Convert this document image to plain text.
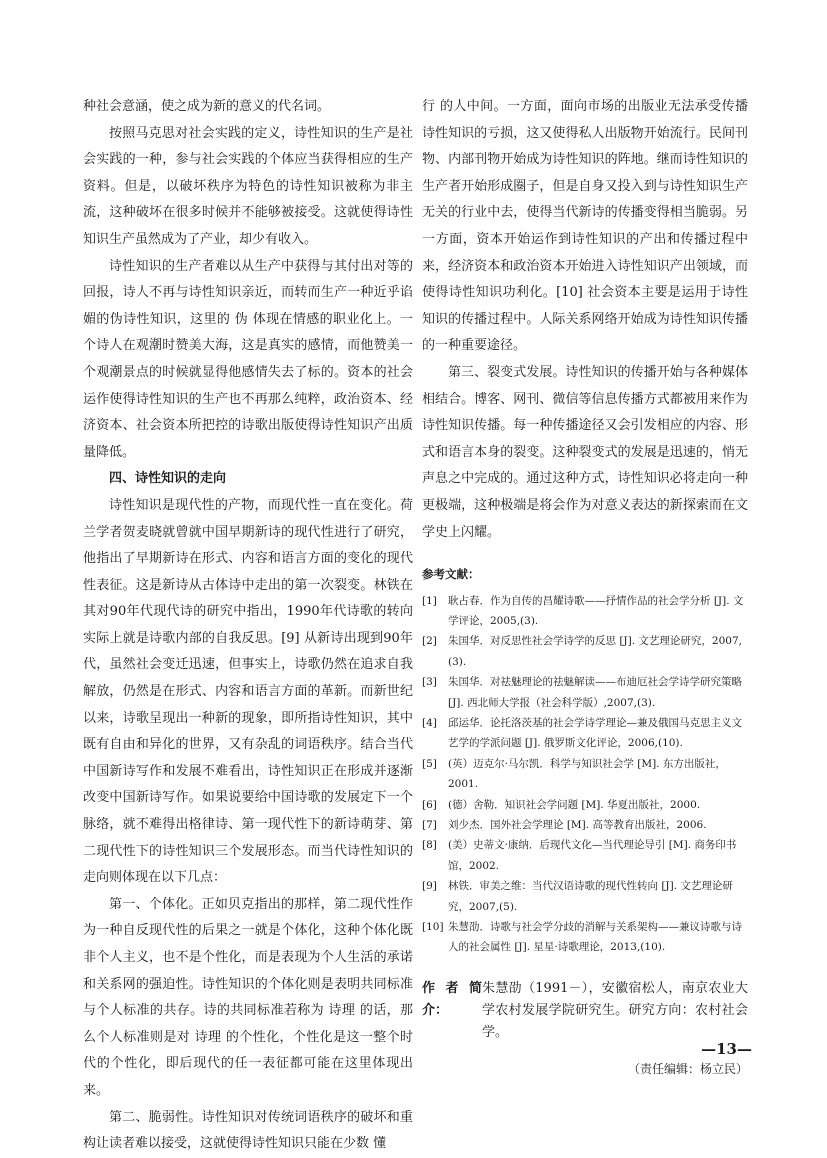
种社会意涵，使之成为新的意义的代名词。

按照马克思对社会实践的定义，诗性知识的生产是社会实践的一种，参与社会实践的个体应当获得相应的生产资料。但是，以破坏秩序为特色的诗性知识被称为非主流，这种破坏在很多时候并不能够被接受。这就使得诗性知识生产虽然成为了产业，却少有收入。

诗性知识的生产者难以从生产中获得与其付出对等的回报，诗人不再与诗性知识亲近，而转而生产一种近乎谄媚的伪诗性知识，这里的 伪 体现在情感的职业化上。一个诗人在观潮时赞美大海，这是真实的感情，而他赞美一个观潮景点的时候就显得他感情失去了标的。资本的社会运作使得诗性知识的生产也不再那么纯粹，政治资本、经济资本、社会资本所把控的诗歌出版使得诗性知识产出质量降低。

四、诗性知识的走向

诗性知识是现代性的产物，而现代性一直在变化。荷兰学者贺麦晓就曾就中国早期新诗的现代性进行了研究，他指出了早期新诗在形式、内容和语言方面的变化的现代性表征。这是新诗从古体诗中走出的第一次裂变。林铁在其对90年代现代诗的研究中指出，1990年代诗歌的转向实际上就是诗歌内部的自我反思。[9] 从新诗出现到90年代，虽然社会变迁迅速，但事实上，诗歌仍然在追求自我解放，仍然是在形式、内容和语言方面的革新。而新世纪以来，诗歌呈现出一种新的现象，即所指诗性知识，其中既有自由和异化的世界，又有杂乱的词语秩序。结合当代中国新诗写作和发展不难看出，诗性知识正在形成并逐渐改变中国新诗写作。如果说要给中国诗歌的发展定下一个脉络，就不难得出格律诗、第一现代性下的新诗萌芽、第二现代性下的诗性知识三个发展形态。而当代诗性知识的走向则体现在以下几点：

第一、个体化。正如贝克指出的那样，第二现代性作为一种自反现代性的后果之一就是个体化，这种个体化既非个人主义，也不是个性化，而是表现为个人生活的承诺和关系网的强迫性。诗性知识的个体化则是表明共同标准与个人标准的共存。诗的共同标准若称为 诗理 的话，那么个人标准则是对 诗理 的个性化，个性化是这一整个时代的个性化，即后现代的任一表征都可能在这里体现出来。

第二、脆弱性。诗性知识对传统词语秩序的破坏和重构让读者难以接受，这就使得诗性知识只能在少数 懂

行 的人中间。一方面，面向市场的出版业无法承受传播诗性知识的亏损，这又使得私人出版物开始流行。民间刊物、内部刊物开始成为诗性知识的阵地。继而诗性知识的生产者开始形成圈子，但是自身又投入到与诗性知识生产无关的行业中去，使得当代新诗的传播变得相当脆弱。另一方面，资本开始运作到诗性知识的产出和传播过程中来，经济资本和政治资本开始进入诗性知识产出领域，而使得诗性知识功利化。[10] 社会资本主要是运用于诗性知识的传播过程中。人际关系网络开始成为诗性知识传播的一种重要途径。

第三、裂变式发展。诗性知识的传播开始与各种媒体相结合。博客、网刊、微信等信息传播方式都被用来作为诗性知识传播。每一种传播途径又会引发相应的内容、形式和语言本身的裂变。这种裂变式的发展是迅速的，悄无声息之中完成的。通过这种方式，诗性知识必将走向一种更极端，这种极端是将会作为对意义表达的新探索而在文学史上闪耀。

参考文献：
[1]	耿占春．作为自传的昌耀诗歌——抒情作品的社会学分析 [J]. 文学评论，2005,(3).
[2]	朱国华．对反思性社会学诗学的反思 [J]. 文艺理论研究，2007,(3).
[3]	朱国华．对祛魅理论的祛魅解读——布迪厄社会学诗学研究策略 [J]. 西北师大学报（社会科学版）,2007,(3).
[4]	邱运华．论托洛茨基的社会学诗学理论—兼及俄国马克思主义文艺学的学派问题 [J]. 俄罗斯文化评论，2006,(10).
[5]	(英）迈克尔·马尔凯．科学与知识社会学 [M]. 东方出版社，2001.
[6]	(德）舍勒．知识社会学问题 [M]. 华夏出版社，2000.
[7]	刘少杰．国外社会学理论 [M]. 高等教育出版社，2006.
[8]	(美）史蒂文·康纳．后现代文化—当代理论导引 [M]. 商务印书馆，2002.
[9]	林铁．审美之维：当代汉语诗歌的现代性转向 [J]. 文艺理论研究，2007,(5).
[10] 朱慧劭．诗歌与社会学分歧的消解与关系架构——兼议诗歌与诗人的社会属性 [J]. 星星·诗歌理论，2013,(10).
作者简介：
朱慧劭（1991－），安徽宿松人，南京农业大学农村发展学院研究生。研究方向：农村社会学。
（责任编辑：杨立民）
—13—
